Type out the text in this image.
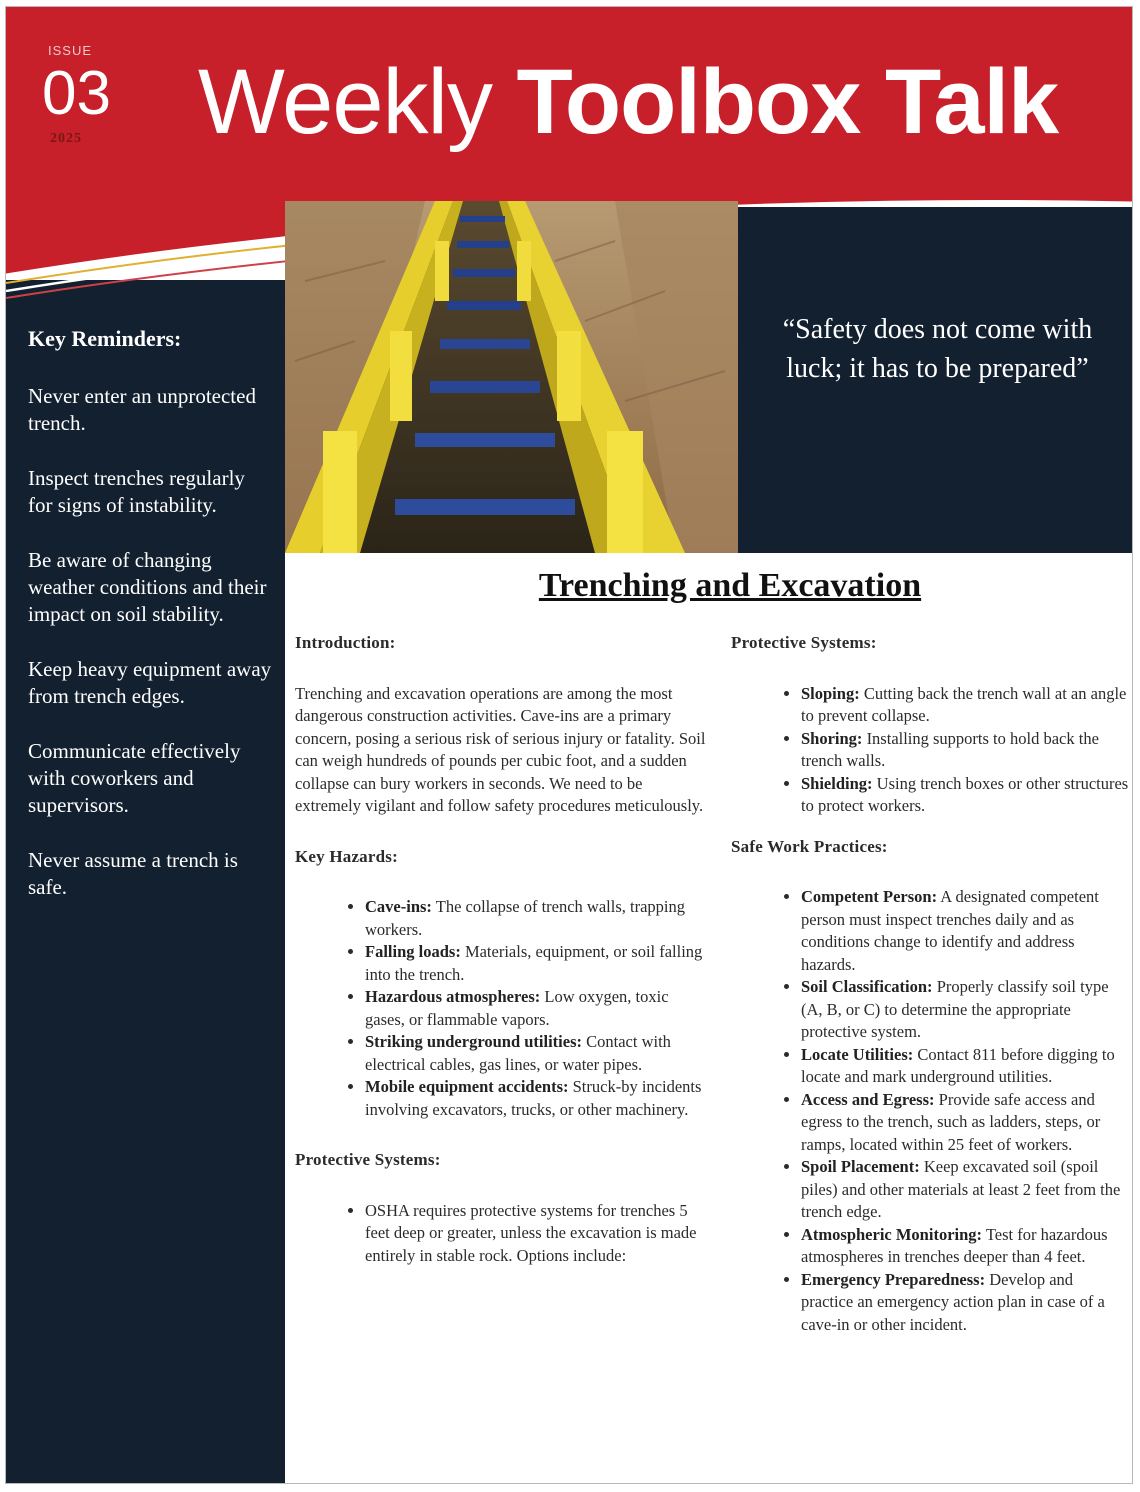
ISSUE
03
2025 Weekly Toolbox Talk
“Safety does not come with luck; it has to be prepared”
Key Reminders:

Never enter an unprotected trench.

Inspect trenches regularly for signs of instability.

Be aware of changing weather conditions and their impact on soil stability.

Keep heavy equipment away from trench edges.

Communicate effectively with coworkers and supervisors.

Never assume a trench is safe.

Trenching and Excavation
Introduction:

Trenching and excavation operations are among the most dangerous construction activities. Cave-ins are a primary concern, posing a serious risk of serious injury or fatality. Soil can weigh hundreds of pounds per cubic foot, and a sudden collapse can bury workers in seconds. We need to be extremely vigilant and follow safety procedures meticulously.

Key Hazards:
• Cave-ins: The collapse of trench walls, trapping workers.
• Falling loads: Materials, equipment, or soil falling into the trench.
• Hazardous atmospheres: Low oxygen, toxic gases, or flammable vapors.
• Striking underground utilities: Contact with electrical cables, gas lines, or water pipes.
• Mobile equipment accidents: Struck-by incidents involving excavators, trucks, or other machinery.
Protective Systems:
• OSHA requires protective systems for trenches 5 feet deep or greater, unless the excavation is made entirely in stable rock. Options include:
Protective Systems:
• Sloping: Cutting back the trench wall at an angle to prevent collapse.
• Shoring: Installing supports to hold back the trench walls.
• Shielding: Using trench boxes or other structures to protect workers.
Safe Work Practices:
• Competent Person: A designated competent person must inspect trenches daily and as conditions change to identify and address hazards.
• Soil Classification: Properly classify soil type (A, B, or C) to determine the appropriate protective system.
• Locate Utilities: Contact 811 before digging to locate and mark underground utilities.
• Access and Egress: Provide safe access and egress to the trench, such as ladders, steps, or ramps, located within 25 feet of workers.
• Spoil Placement: Keep excavated soil (spoil piles) and other materials at least 2 feet from the trench edge.
• Atmospheric Monitoring: Test for hazardous atmospheres in trenches deeper than 4 feet.
• Emergency Preparedness: Develop and practice an emergency action plan in case of a cave-in or other incident.
